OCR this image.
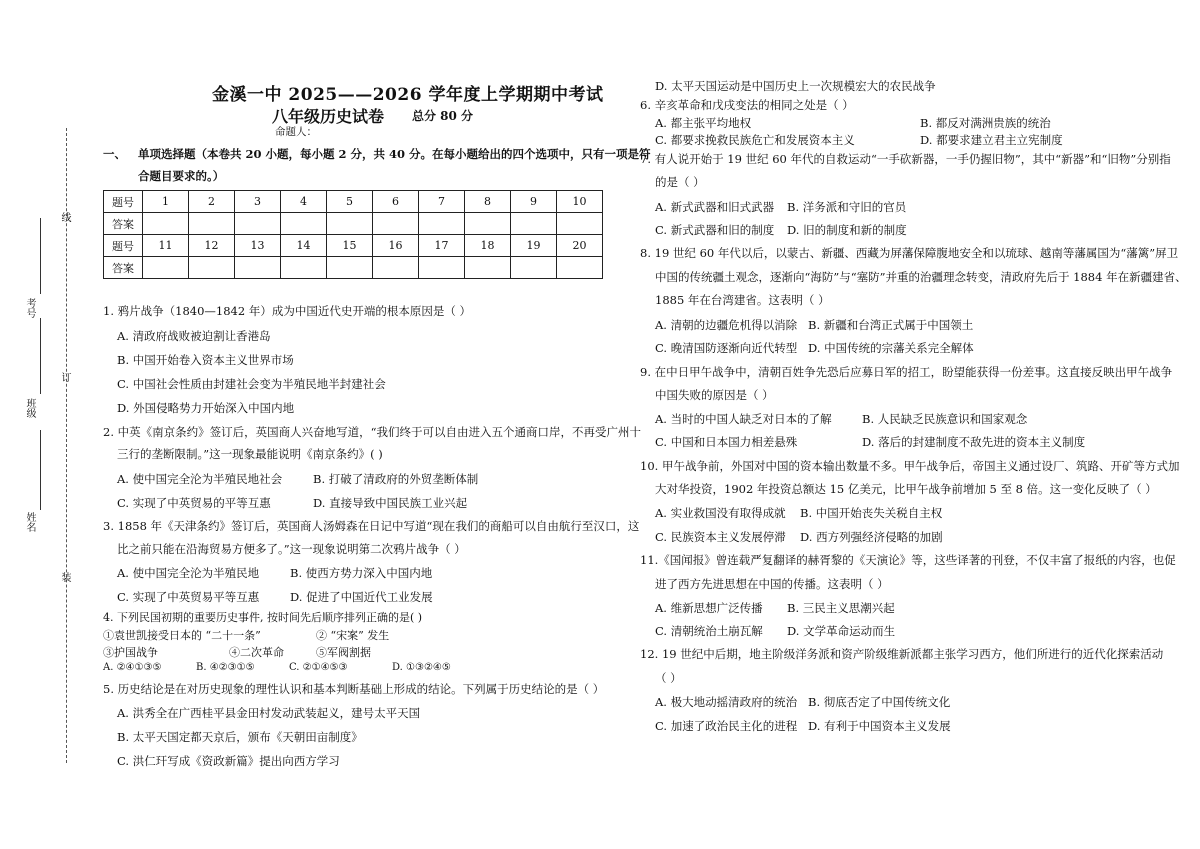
线
订
装
考号
班级
姓名
金溪一中 2025——2026 学年度上学期期中考试
八年级历史试卷 总分 80 分
命题人：
一、 单项选择题（本卷共 20 小题，每小题 2 分，共 40 分。在每小题给出的四个选项中，只有一项是符
合题目要求的。）
题号	1	2	3	4	5	6	7	8	9	10
答案										
题号	11	12	13	14	15	16	17	18	19	20
答案										
1. 鸦片战争（1840—1842 年）成为中国近代史开端的根本原因是（ ）
A. 清政府战败被迫割让香港岛
B. 中国开始卷入资本主义世界市场
C. 中国社会性质由封建社会变为半殖民地半封建社会
D. 外国侵略势力开始深入中国内地
2. 中英《南京条约》签订后，英国商人兴奋地写道，“我们终于可以自由进入五个通商口岸，不再受广州十
三行的垄断限制。”这一现象最能说明《南京条约》( )
A. 使中国完全沦为半殖民地社会	B. 打破了清政府的外贸垄断体制
C. 实现了中英贸易的平等互惠	D. 直接导致中国民族工业兴起
3. 1858 年《天津条约》签订后，英国商人汤姆森在日记中写道“现在我们的商船可以自由航行至汉口，这
比之前只能在沿海贸易方便多了。”这一现象说明第二次鸦片战争（ ）
A. 使中国完全沦为半殖民地	B. 使西方势力深入中国内地
C. 实现了中英贸易平等互惠	D. 促进了中国近代工业发展
4. 下列民国初期的重要历史事件, 按时间先后顺序排列正确的是( )
①袁世凯接受日本的 “二十一条”	② “宋案” 发生
③护国战争	④二次革命	⑤军阀割据
A. ②④①③⑤	B. ④②③①⑤	C. ②①④⑤③	D. ①③②④⑤
5. 历史结论是在对历史现象的理性认识和基本判断基础上形成的结论。下列属于历史结论的是（ ）
A. 洪秀全在广西桂平县金田村发动武装起义，建号太平天国
B. 太平天国定都天京后，颁布《天朝田亩制度》
C. 洪仁玕写成《资政新篇》提出向西方学习
D. 太平天国运动是中国历史上一次规模宏大的农民战争
6. 辛亥革命和戊戌变法的相同之处是（ ）
A. 都主张平均地权	B. 都反对满洲贵族的统治
C. 都要求挽救民族危亡和发展资本主义	D. 都要求建立君主立宪制度
7. 有人说开始于 19 世纪 60 年代的自救运动“一手砍新器，一手仍握旧物”，其中“新器”和“旧物”分别指
的是（ ）
A. 新式武器和旧式武器 B. 洋务派和守旧的官员
C. 新式武器和旧的制度 D. 旧的制度和新的制度
8. 19 世纪 60 年代以后，以蒙古、新疆、西藏为屏藩保障腹地安全和以琉球、越南等藩属国为“藩篱”屏卫
中国的传统疆土观念，逐渐向“海防”与“塞防”并重的治疆理念转变，清政府先后于 1884 年在新疆建省、
1885 年在台湾建省。这表明（ ）
A. 清朝的边疆危机得以消除 B. 新疆和台湾正式属于中国领土
C. 晚清国防逐渐向近代转型 D. 中国传统的宗藩关系完全解体
9. 在中日甲午战争中，清朝百姓争先恐后应募日军的招工，盼望能获得一份差事。这直接反映出甲午战争
中国失败的原因是（ ）
A. 当时的中国人缺乏对日本的了解	B. 人民缺乏民族意识和国家观念
C. 中国和日本国力相差悬殊	D. 落后的封建制度不敌先进的资本主义制度
10. 甲午战争前，外国对中国的资本输出数量不多。甲午战争后，帝国主义通过设厂、筑路、开矿等方式加
大对华投资，1902 年投资总额达 15 亿美元，比甲午战争前增加 5 至 8 倍。这一变化反映了（ ）
A. 实业救国没有取得成就 B. 中国开始丧失关税自主权
C. 民族资本主义发展停滞 D. 西方列强经济侵略的加剧
11.《国闻报》曾连载严复翻译的赫胥黎的《天演论》等，这些译著的刊登，不仅丰富了报纸的内容，也促
进了西方先进思想在中国的传播。这表明（ ）
A. 维新思想广泛传播 B. 三民主义思潮兴起
C. 清朝统治土崩瓦解 D. 文学革命运动而生
12. 19 世纪中后期，地主阶级洋务派和资产阶级维新派都主张学习西方，他们所进行的近代化探索活动
（ ）
A. 极大地动摇清政府的统治 B. 彻底否定了中国传统文化
C. 加速了政治民主化的进程 D. 有利于中国资本主义发展
